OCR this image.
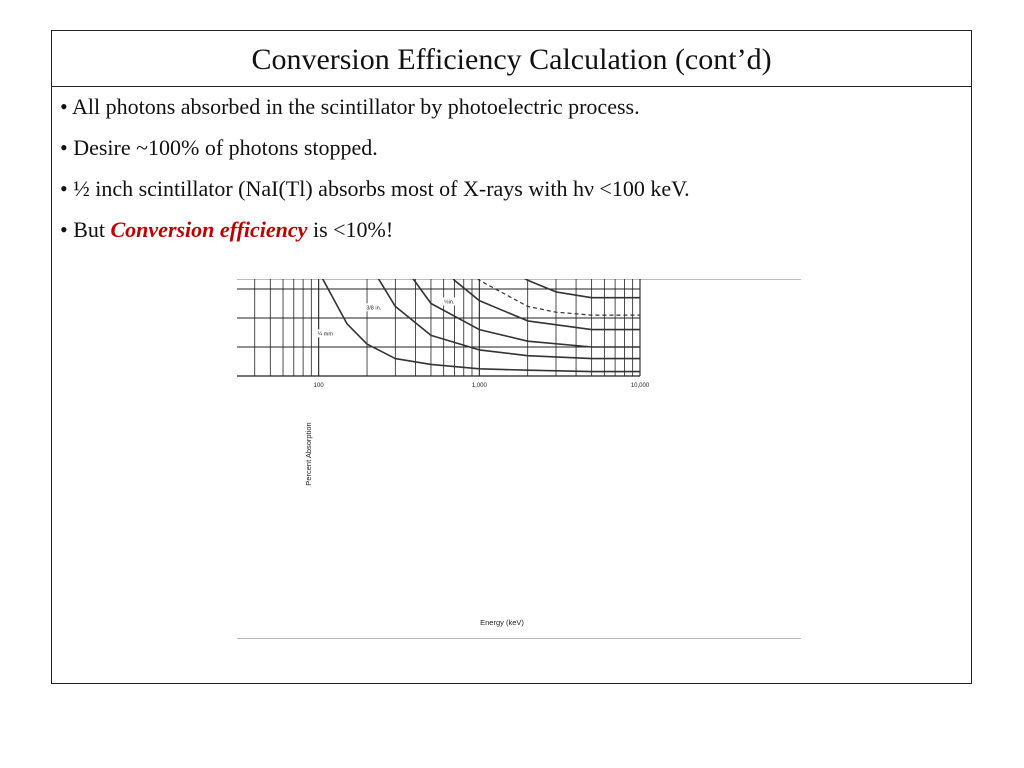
Conversion Efficiency Calculation (cont’d)
• All photons absorbed in the scintillator by photoelectric process.
• Desire ~100% of photons stopped.
• ½ inch scintillator (NaI(Tl) absorbs most of X-rays with hν <100 keV.
• But Conversion efficiency is <10%!
100	1,000	10,000
½in.
3/8 in.
¼ mm
Energy (keV)
Percent Absorption
